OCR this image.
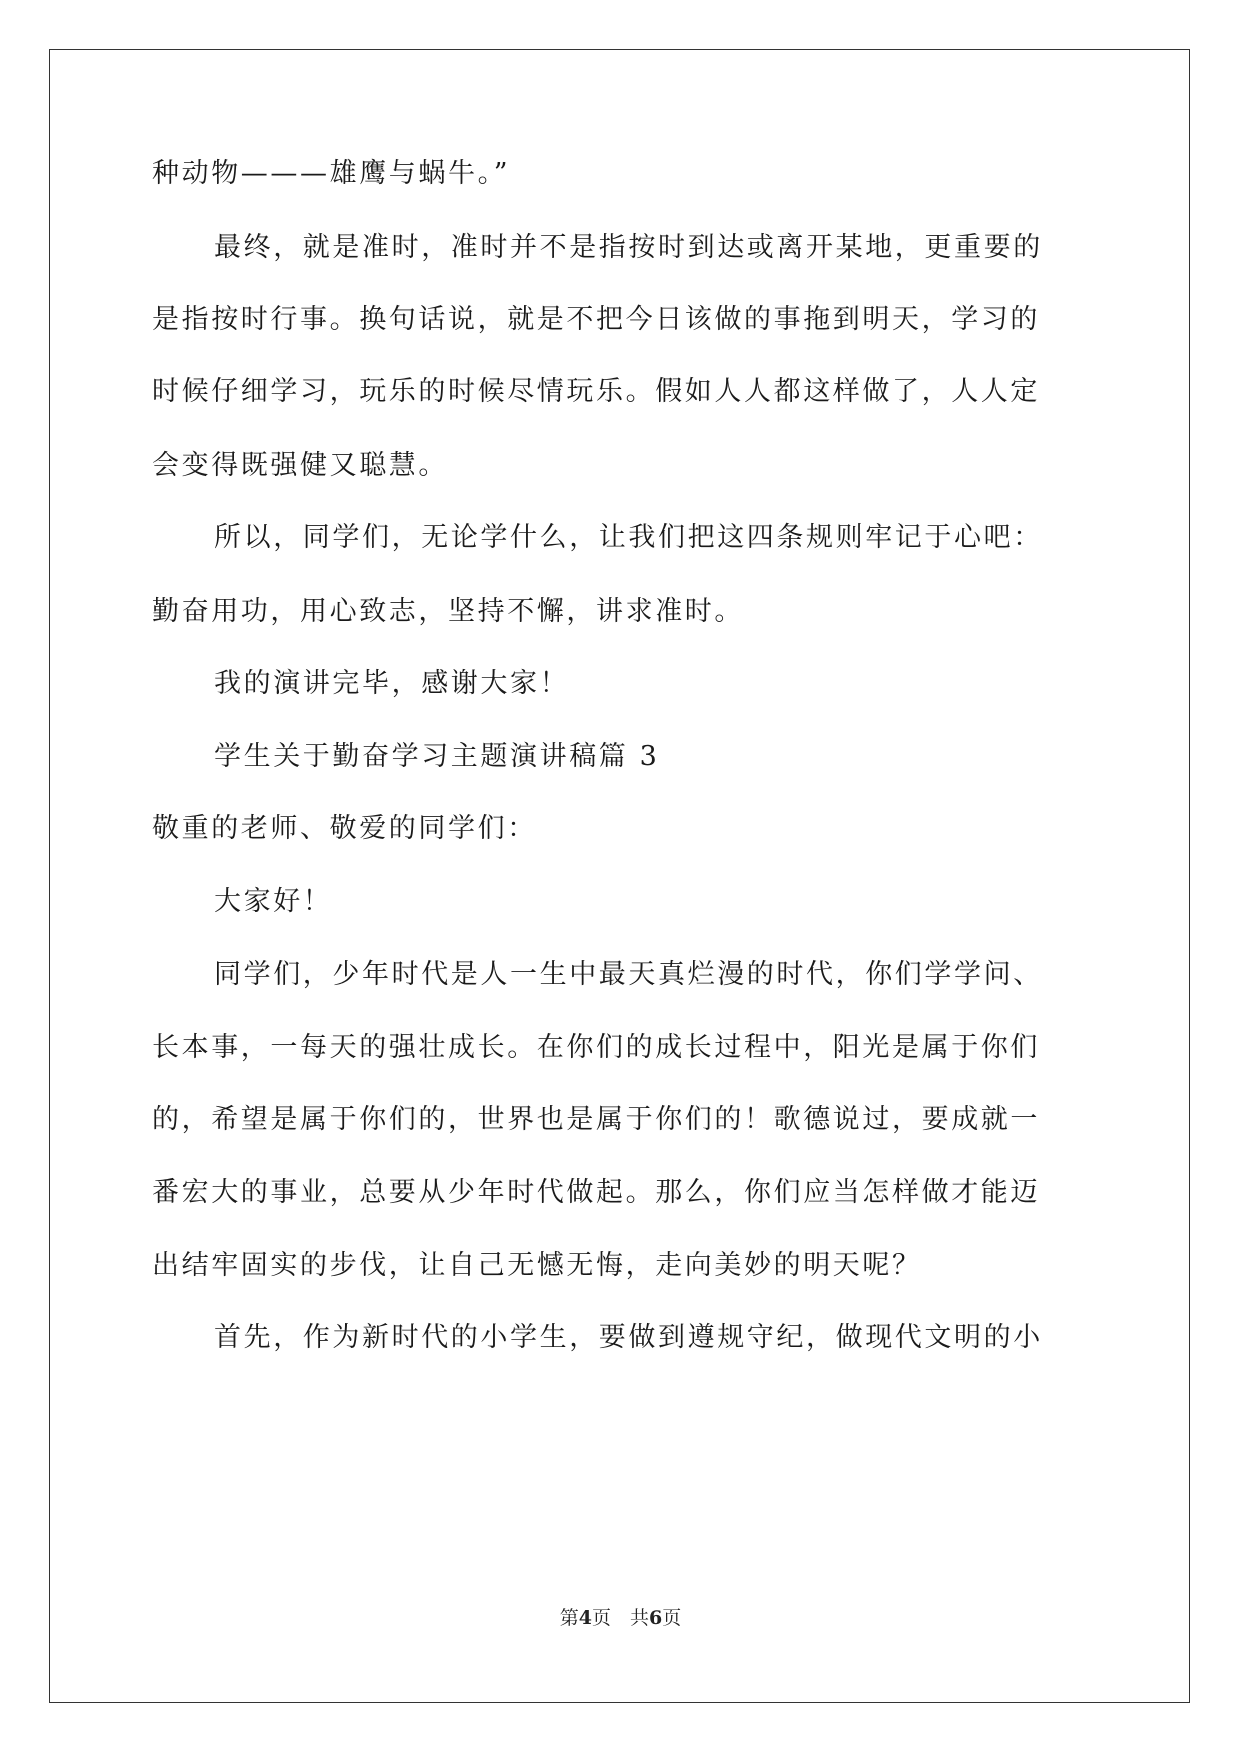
种动物———雄鹰与蜗牛。”
最终，就是准时，准时并不是指按时到达或离开某地，更重要的
是指按时行事。换句话说，就是不把今日该做的事拖到明天，学习的
时候仔细学习，玩乐的时候尽情玩乐。假如人人都这样做了，人人定
会变得既强健又聪慧。
所以，同学们，无论学什么，让我们把这四条规则牢记于心吧：
勤奋用功，用心致志，坚持不懈，讲求准时。
我的演讲完毕，感谢大家！
学生关于勤奋学习主题演讲稿篇 3
敬重的老师、敬爱的同学们：
大家好！
同学们，少年时代是人一生中最天真烂漫的时代，你们学学问、
长本事，一每天的强壮成长。在你们的成长过程中，阳光是属于你们
的，希望是属于你们的，世界也是属于你们的！歌德说过，要成就一
番宏大的事业，总要从少年时代做起。那么，你们应当怎样做才能迈
出结牢固实的步伐，让自己无憾无悔，走向美妙的明天呢？
首先，作为新时代的小学生，要做到遵规守纪，做现代文明的小
第4页　共6页
